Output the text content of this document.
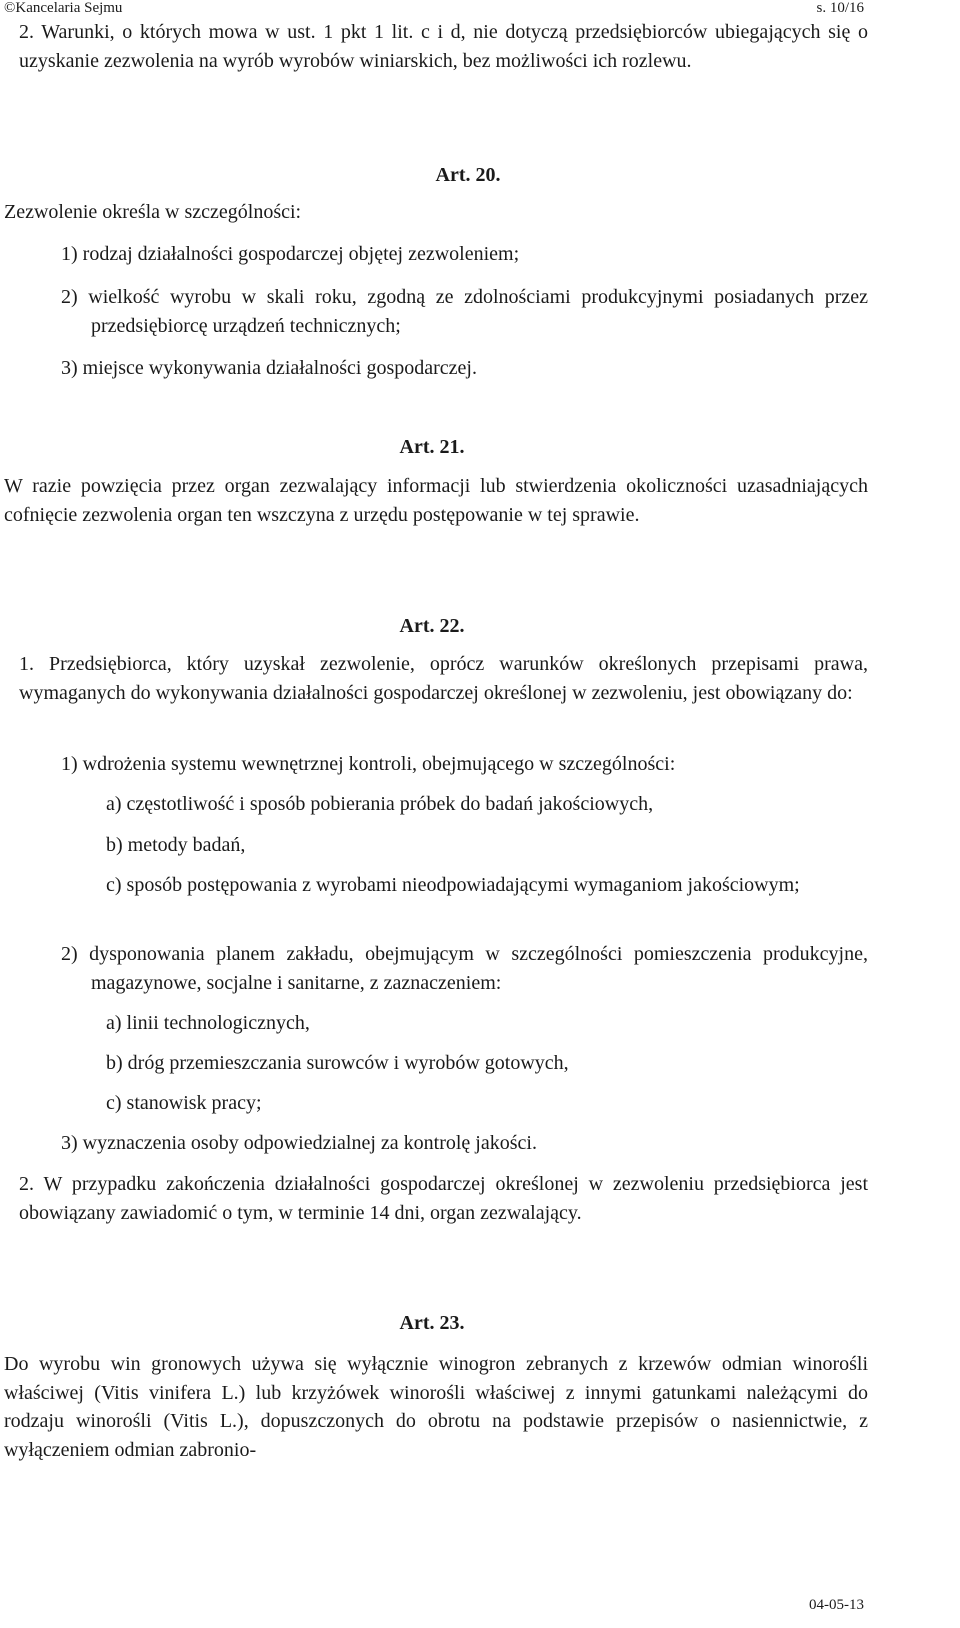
©Kancelaria Sejmu	s. 10/16
2. Warunki, o których mowa w ust. 1 pkt 1 lit. c i d, nie dotyczą przedsiębiorców ubiegających się o uzyskanie zezwolenia na wyrób wyrobów winiarskich, bez możliwości ich rozlewu.
Art. 20.
Zezwolenie określa w szczególności:
1) rodzaj działalności gospodarczej objętej zezwoleniem;
2) wielkość wyrobu w skali roku, zgodną ze zdolnościami produkcyjnymi posiadanych przez przedsiębiorcę urządzeń technicznych;
3) miejsce wykonywania działalności gospodarczej.
Art. 21.
W razie powzięcia przez organ zezwalający informacji lub stwierdzenia okoliczności uzasadniających cofnięcie zezwolenia organ ten wszczyna z urzędu postępowanie w tej sprawie.
Art. 22.
1. Przedsiębiorca, który uzyskał zezwolenie, oprócz warunków określonych przepisami prawa, wymaganych do wykonywania działalności gospodarczej określonej w zezwoleniu, jest obowiązany do:
1) wdrożenia systemu wewnętrznej kontroli, obejmującego w szczególności:
a) częstotliwość i sposób pobierania próbek do badań jakościowych,
b) metody badań,
c) sposób postępowania z wyrobami nieodpowiadającymi wymaganiom jakościowym;
2) dysponowania planem zakładu, obejmującym w szczególności pomieszczenia produkcyjne, magazynowe, socjalne i sanitarne, z zaznaczeniem:
a) linii technologicznych,
b) dróg przemieszczania surowców i wyrobów gotowych,
c) stanowisk pracy;
3) wyznaczenia osoby odpowiedzialnej za kontrolę jakości.
2. W przypadku zakończenia działalności gospodarczej określonej w zezwoleniu przedsiębiorca jest obowiązany zawiadomić o tym, w terminie 14 dni, organ zezwalający.
Art. 23.
Do wyrobu win gronowych używa się wyłącznie winogron zebranych z krzewów odmian winorośli właściwej (Vitis vinifera L.) lub krzyżówek winorośli właściwej z innymi gatunkami należącymi do rodzaju winorośli (Vitis L.), dopuszczonych do obrotu na podstawie przepisów o nasiennictwie, z wyłączeniem odmian zabronio-
04-05-13
